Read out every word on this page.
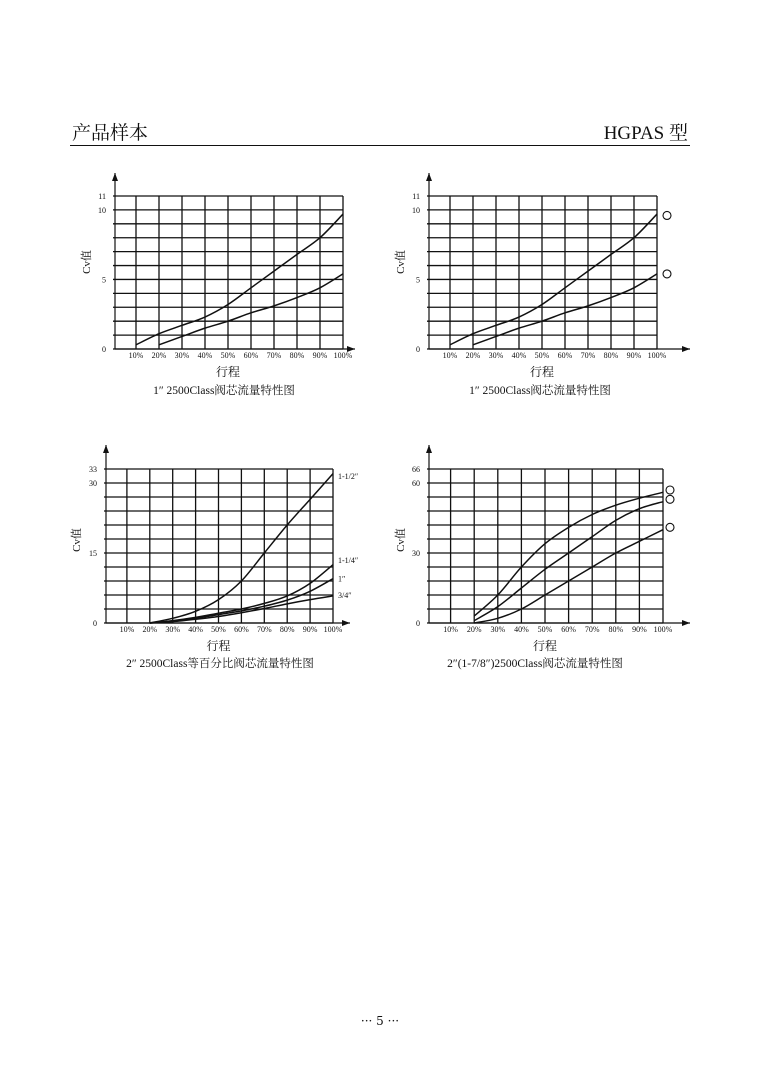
产品样本	HGPAS 型
10% 20% 30% 40% 50% 60% 70% 80% 90% 100%
0
5
10
11
行程
Cv值
1″ 2500Class阀芯流量特性图
10% 20% 30% 40% 50% 60% 70% 80% 90% 100%
0
5
10
11
行程
Cv值
1″ 2500Class阀芯流量特性图
10% 20% 30% 40% 50% 60% 70% 80% 90% 100%
0
15
30
33
行程
Cv值
2″ 2500Class等百分比阀芯流量特性图
1-1/2″
1-1/4″
1″
3/4″
10% 20% 30% 40% 50% 60% 70% 80% 90% 100%
0
30
60
66
行程
Cv值
2″(1-7/8″)2500Class阀芯流量特性图
··· 5 ···
